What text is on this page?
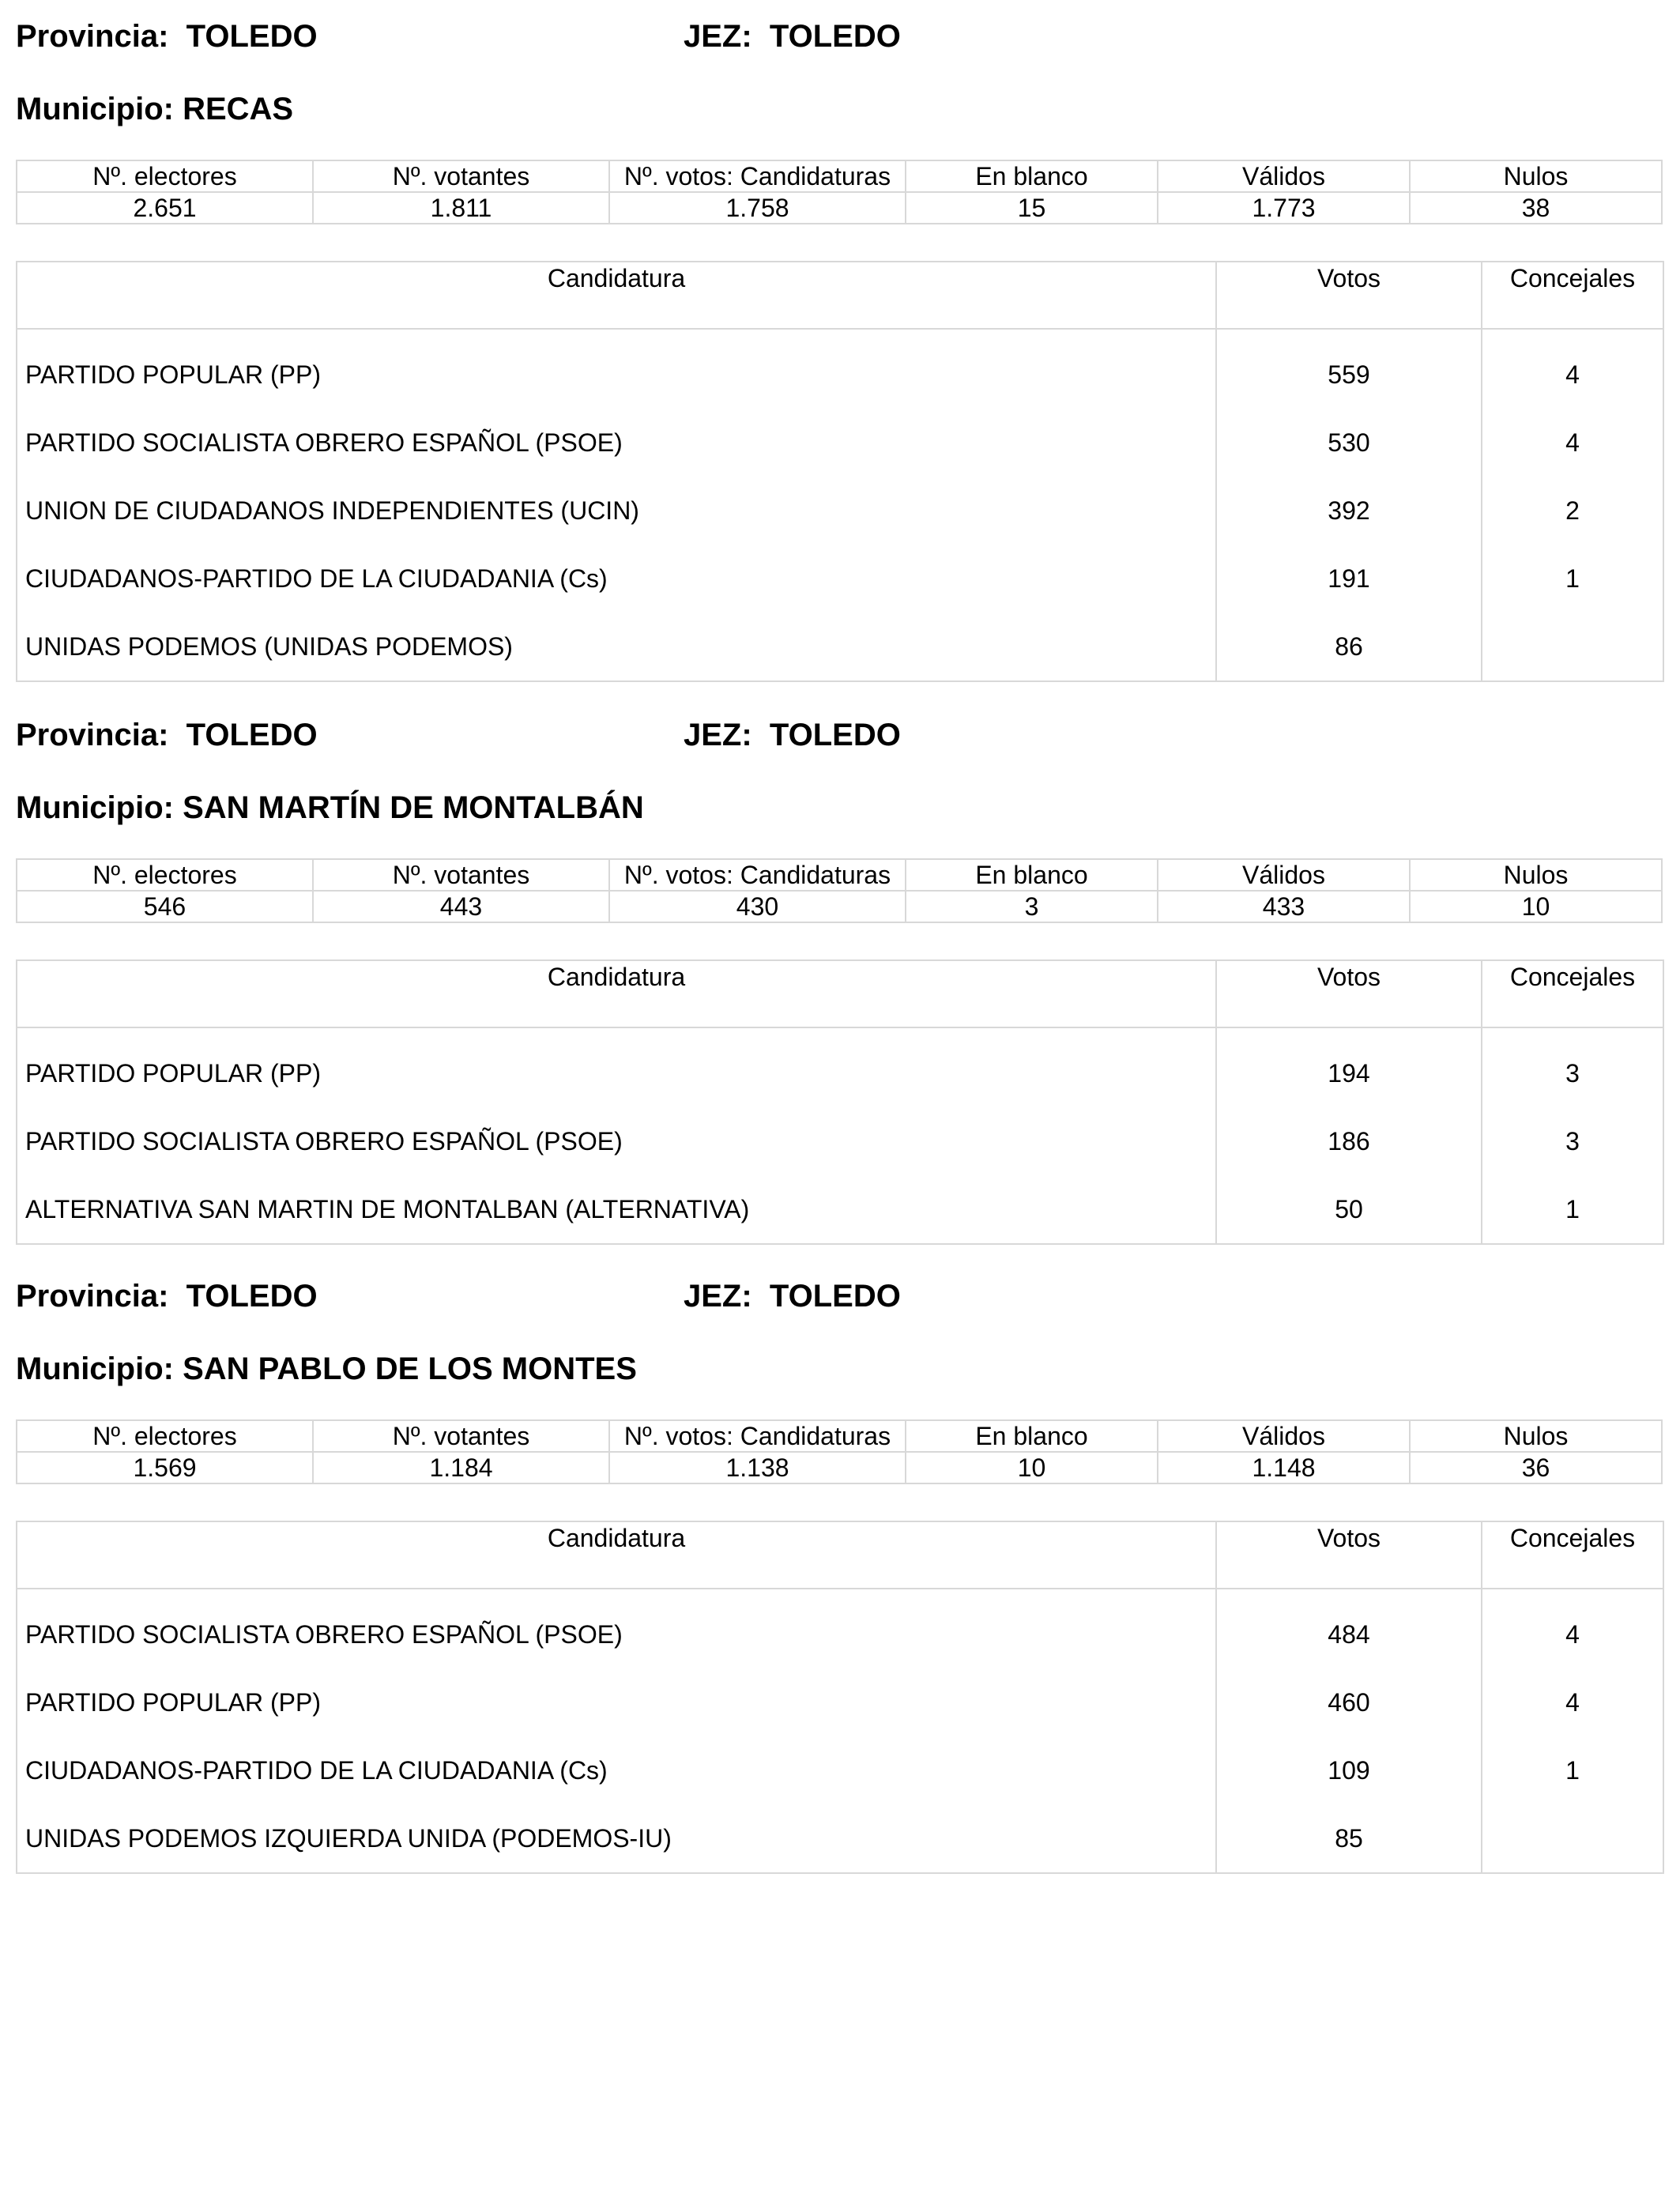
Provincia:  TOLEDO	JEZ:  TOLEDO
Municipio: RECAS
Nº. electores	Nº. votantes	Nº. votos: Candidaturas	En blanco	Válidos	Nulos
2.651	1.811	1.758	15	1.773	38
Candidatura	Votos	Concejales

PARTIDO POPULAR (PP)	559	4
PARTIDO SOCIALISTA OBRERO ESPAÑOL (PSOE)	530	4
UNION DE CIUDADANOS INDEPENDIENTES (UCIN)	392	2
CIUDADANOS-PARTIDO DE LA CIUDADANIA (Cs)	191	1
UNIDAS PODEMOS (UNIDAS PODEMOS)	86	
Provincia:  TOLEDO	JEZ:  TOLEDO
Municipio: SAN MARTÍN DE MONTALBÁN
Nº. electores	Nº. votantes	Nº. votos: Candidaturas	En blanco	Válidos	Nulos
546	443	430	3	433	10
Candidatura	Votos	Concejales

PARTIDO POPULAR (PP)	194	3
PARTIDO SOCIALISTA OBRERO ESPAÑOL (PSOE)	186	3
ALTERNATIVA SAN MARTIN DE MONTALBAN (ALTERNATIVA)	50	1
Provincia:  TOLEDO	JEZ:  TOLEDO
Municipio: SAN PABLO DE LOS MONTES
Nº. electores	Nº. votantes	Nº. votos: Candidaturas	En blanco	Válidos	Nulos
1.569	1.184	1.138	10	1.148	36
Candidatura	Votos	Concejales

PARTIDO SOCIALISTA OBRERO ESPAÑOL (PSOE)	484	4
PARTIDO POPULAR (PP)	460	4
CIUDADANOS-PARTIDO DE LA CIUDADANIA (Cs)	109	1
UNIDAS PODEMOS IZQUIERDA UNIDA (PODEMOS-IU)	85	
